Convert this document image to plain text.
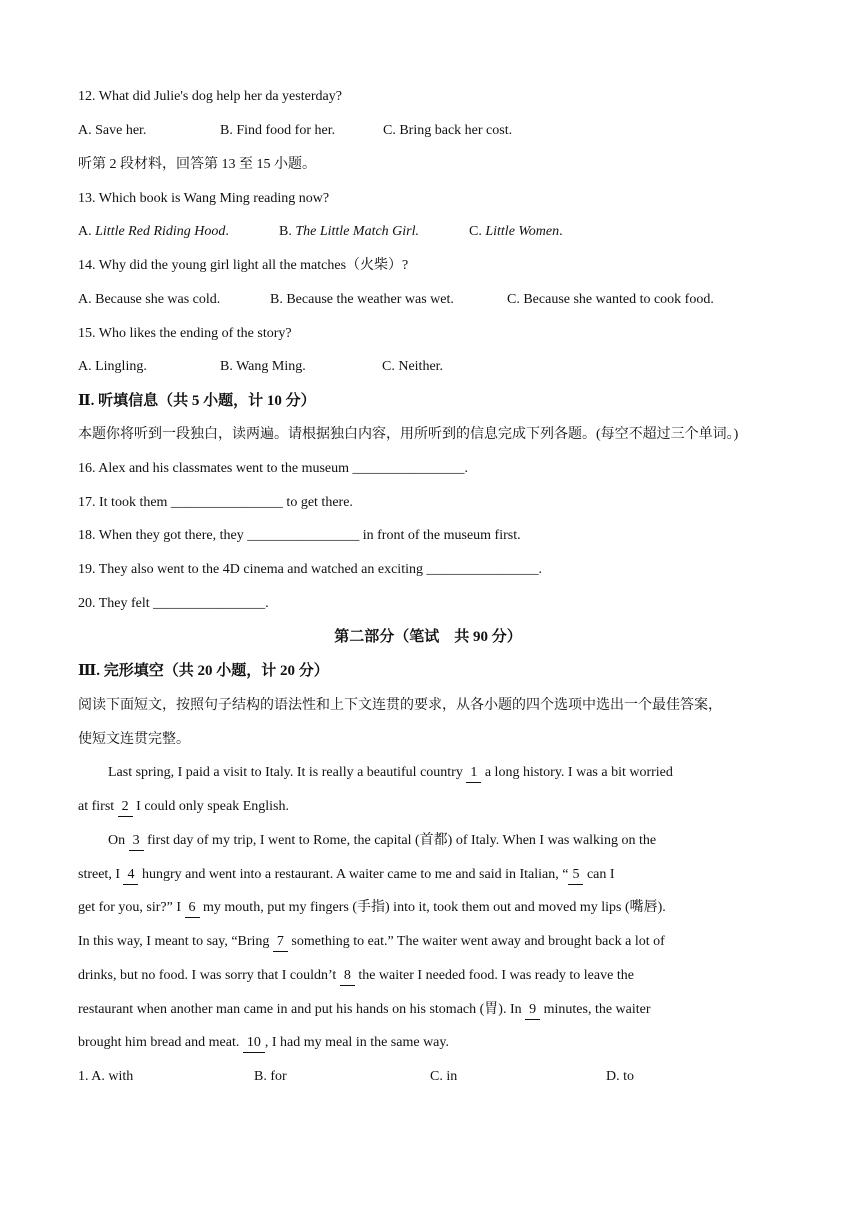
12. What did Julie's dog help her da yesterday?
A. Save her.	B. Find food for her.	C. Bring back her cost.
听第 2 段材料，回答第 13 至 15 小题。
13. Which book is Wang Ming reading now?
A. Little Red Riding Hood.	B. The Little Match Girl.	C. Little Women.
14. Why did the young girl light all the matches（火柴）?
A. Because she was cold.	B. Because the weather was wet.	C. Because she wanted to cook food.
15. Who likes the ending of the story?
A. Lingling.	B. Wang Ming.	C. Neither.
Ⅱ. 听填信息（共 5 小题，计 10 分）
本题你将听到一段独白，读两遍。请根据独白内容，用所听到的信息完成下列各题。(每空不超过三个单词。)
16. Alex and his classmates went to the museum ________________.
17. It took them ________________ to get there.
18. When they got there, they ________________ in front of the museum first.
19. They also went to the 4D cinema and watched an exciting ________________.
20. They felt ________________.
第二部分（笔试　共 90 分）
Ⅲ. 完形填空（共 20 小题，计 20 分）
阅读下面短文，按照句子结构的语法性和上下文连贯的要求，从各小题的四个选项中选出一个最佳答案，
使短文连贯完整。
Last spring, I paid a visit to Italy. It is really a beautiful country 1 a long history. I was a bit worried
at first 2 I could only speak English.
On 3 first day of my trip, I went to Rome, the capital (首都) of Italy. When I was walking on the
street, I 4 hungry and went into a restaurant. A waiter came to me and said in Italian, “ 5 can I
get for you, sir?” I 6 my mouth, put my fingers (手指) into it, took them out and moved my lips (嘴唇).
In this way, I meant to say, “Bring 7 something to eat.” The waiter went away and brought back a lot of
drinks, but no food. I was sorry that I couldn’t 8 the waiter I needed food. I was ready to leave the
restaurant when another man came in and put his hands on his stomach (胃). In 9 minutes, the waiter
brought him bread and meat. 10 , I had my meal in the same way.
1. A. with	B. for	C. in	D. to
